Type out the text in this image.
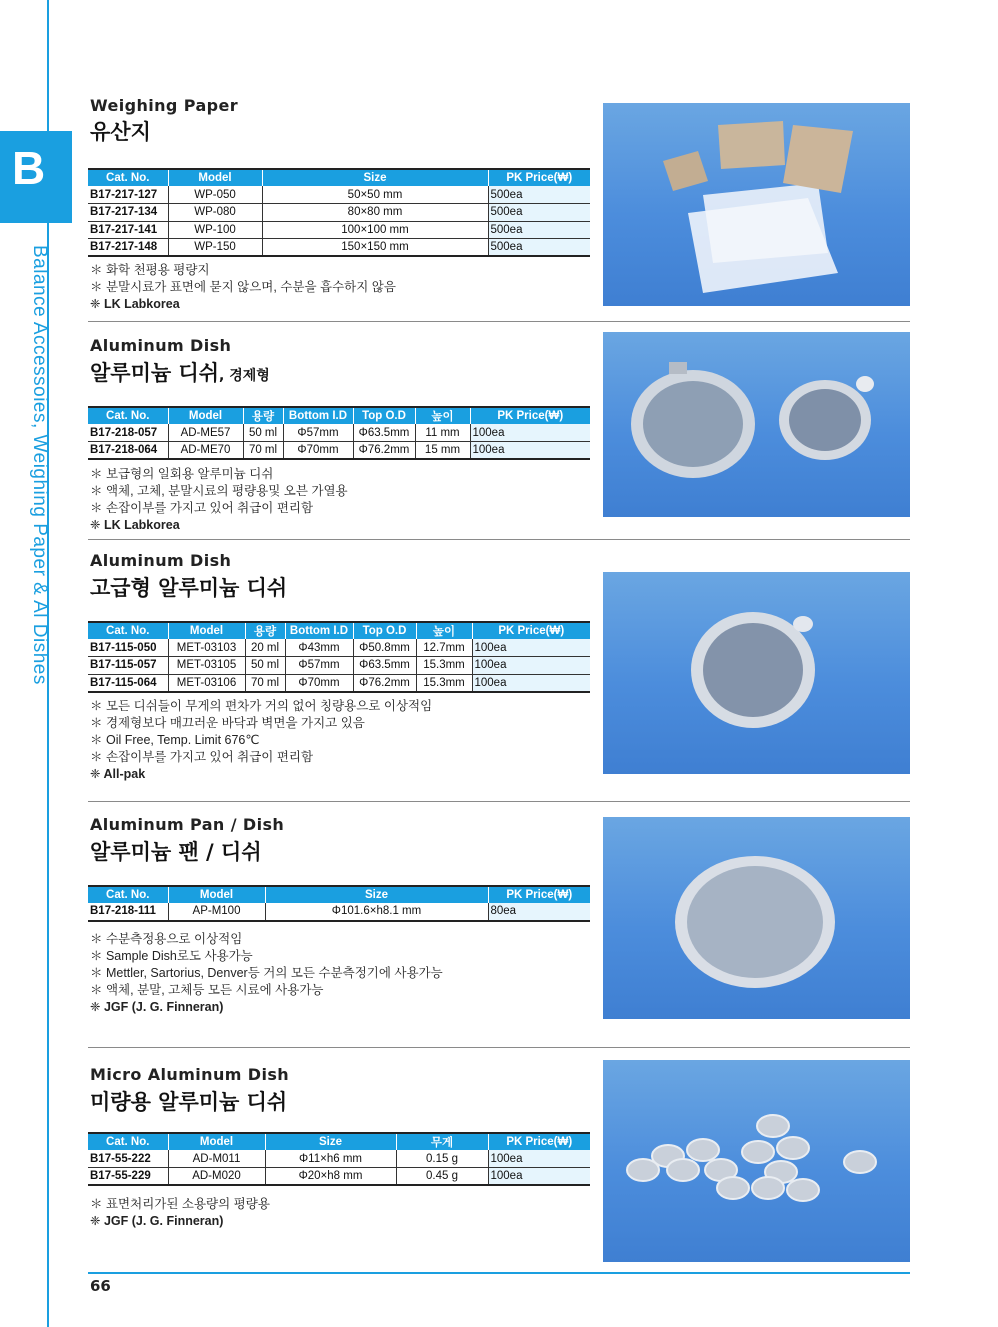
B
Balance Accessoies, Weighing Paper & Al Dishes
Weighing Paper
유산지
Cat. No.	Model	Size	PK Price(₩)
B17-217-127	WP-050	50×50 mm	500ea
B17-217-134	WP-080	80×80 mm	500ea
B17-217-141	WP-100	100×100 mm	500ea
B17-217-148	WP-150	150×150 mm	500ea
＊ 화학 천평용 평량지
＊ 분말시료가 표면에 묻지 않으며, 수분을 흡수하지 않음
❈ LK Labkorea
Aluminum Dish
알루미늄 디쉬, 경제형
Cat. No.	Model	용량	Bottom I.D	Top O.D	높이	PK Price(₩)
B17-218-057	AD-ME57	50 ml	Φ57mm	Φ63.5mm	11 mm	100ea
B17-218-064	AD-ME70	70 ml	Φ70mm	Φ76.2mm	15 mm	100ea
＊ 보급형의 일회용 알루미늄 디쉬
＊ 액체, 고체, 분말시료의 평량용및 오븐 가열용
＊ 손잡이부를 가지고 있어 취급이 편리함
❈ LK Labkorea
Aluminum Dish
고급형 알루미늄 디쉬
Cat. No.	Model	용량	Bottom I.D	Top O.D	높이	PK Price(₩)
B17-115-050	MET-03103	20 ml	Φ43mm	Φ50.8mm	12.7mm	100ea
B17-115-057	MET-03105	50 ml	Φ57mm	Φ63.5mm	15.3mm	100ea
B17-115-064	MET-03106	70 ml	Φ70mm	Φ76.2mm	15.3mm	100ea
＊ 모든 디쉬들이 무게의 편차가 거의 없어 칭량용으로 이상적임
＊ 경제형보다 매끄러운 바닥과 벽면을 가지고 있음
＊ Oil Free, Temp. Limit 676℃
＊ 손잡이부를 가지고 있어 취급이 편리함
❈ All-pak
Aluminum Pan / Dish
알루미늄 팬 / 디쉬
Cat. No.	Model	Size	PK Price(₩)
B17-218-111	AP-M100	Φ101.6×h8.1 mm	80ea
＊ 수분측정용으로 이상적임
＊ Sample Dish로도 사용가능
＊ Mettler, Sartorius, Denver등 거의 모든 수분측정기에 사용가능
＊ 액체, 분말, 고체등 모든 시료에 사용가능
❈ JGF (J. G. Finneran)
Micro Aluminum Dish
미량용 알루미늄 디쉬
Cat. No.	Model	Size	무게	PK Price(₩)
B17-55-222	AD-M011	Φ11×h6 mm	0.15 g	100ea
B17-55-229	AD-M020	Φ20×h8 mm	0.45 g	100ea
＊ 표면처리가된 소용량의 평량용
❈ JGF (J. G. Finneran)
66
